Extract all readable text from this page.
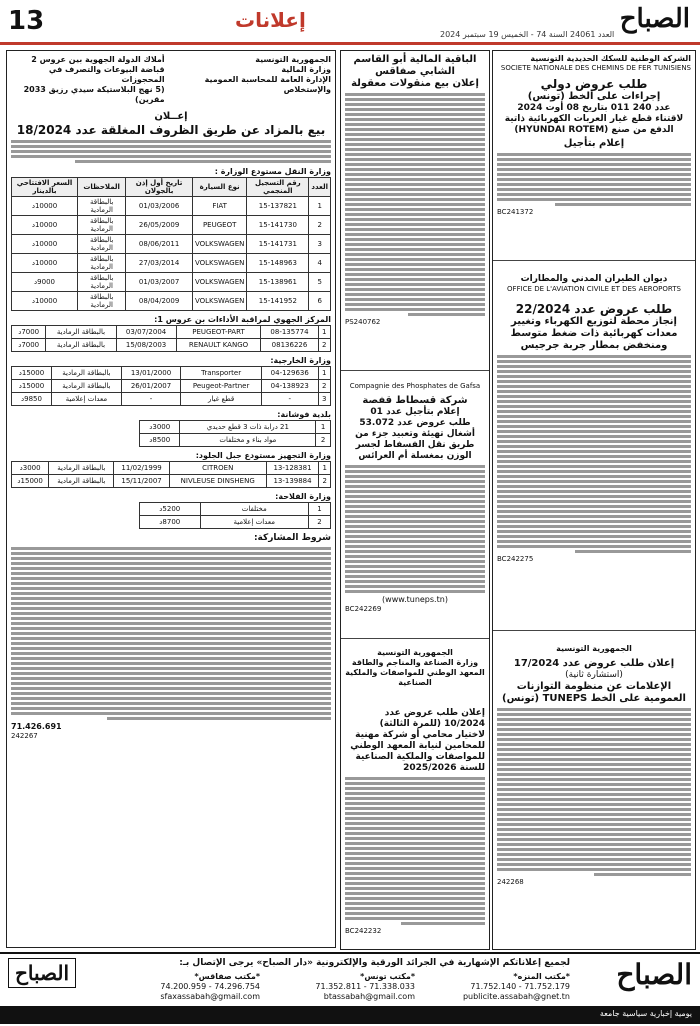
13	إعلانات	الصباح
العدد 24061 السنة 74 - الخميس 19 سبتمبر 2024
الشركة الوطنية للسكك الحديدية التونسية
SOCIETE NATIONALE DES CHEMINS DE FER TUNISIENS
طلب عروض دولي
إجراءات على الخط (تونس)
عدد 240 011 بتاريخ 08 أوت 2024
لاقتناء قطع غيار العربات الكهربائية ذاتية الدفع من صنع (HYUNDAI ROTEM)
إعلام بتأجيل
BC241372
ديوان الطيران المدني والمطارات
OFFICE DE L'AVIATION CIVILE ET DES AEROPORTS
طلب عروض عدد 22/2024
إنجاز محطة لتوزيع الكهرباء وتغيير معدات كهربائية ذات ضغط متوسط ومنخفض بمطار جربة جرجيس
BC242275
الجمهورية التونسية
إعلان طلب عروض عدد 17/2024
(استشارة ثانية)
الإعلامات عن منظومة التوازنات العمومية على الخط TUNEPS (تونس)
242268
الباقية المالية أبو القاسم الشابي صفاقس
إعلان بيع منقولات معقولة
PS240762
Compagnie des Phosphates de Gafsa
شركة قسطاط قفصة
إعلام بتأجيل عدد 01
طلب عروض عدد 53.072
أشغال تهيئة وتعبيد جزء من طريق نقل الفسفاط لجسر الوزن بمغسلة أم العرائس
(www.tuneps.tn)
BC242269
الجمهورية التونسية
وزارة الصناعة والمناجم والطاقة
المعهد الوطني للمواصفات والملكية الصناعية
إعلان طلب عروض عدد 10/2024 (للمرة الثالثة)
لاختيار محامي أو شركة مهنية للمحامين لنيابة المعهد الوطني للمواصفات والملكية الصناعية للسنة 2025/2026
BC242232
الجمهورية التونسية
وزارة المالية
الإدارة العامة للمحاسبة العمومية والإستخلاص
أملاك الدولة الجهوية بين عروس 2
قباضة البيوعات والتصرف في المحجوزات
(5 نهج البلاستيكة سيدي رزيق 2033 مقرين)
إعــلان
بيع بالمزاد عن طريق الظروف المغلقة عدد 18/2024
وزارة النقل مستودع الوزارة :
العدد	رقم التسجيل المنجمي	نوع السيارة	تاريخ أول إذن بالجولان	الملاحظات	السعر الافتتاحي بالدينار
1	15-137821	FIAT	01/03/2006	بالبطاقة الرمادية	10000د
2	15-141730	PEUGEOT	26/05/2009	بالبطاقة الرمادية	10000د
3	15-141731	VOLKSWAGEN	08/06/2011	بالبطاقة الرمادية	10000د
4	15-148963	VOLKSWAGEN	27/03/2014	بالبطاقة الرمادية	10000د
5	15-138961	VOLKSWAGEN	01/03/2007	بالبطاقة الرمادية	9000د
6	15-141952	VOLKSWAGEN	08/04/2009	بالبطاقة الرمادية	10000د
المركز الجهوي لمراقبة الأداءات بن عروس 1:
1	08-135774	PEUGEOT-PART	03/07/2004	بالبطاقة الرمادية	7000د
2	08136226	RENAULT KANGO	15/08/2003	بالبطاقة الرمادية	7000د
وزارة الخارجية:
1	04-129636	Transporter	13/01/2000	بالبطاقة الرمادية	15000د
2	04-138923	Peugeot-Partner	26/01/2007	بالبطاقة الرمادية	15000د
3	-	قطع غيار	-	معدات إعلامية	9850د
بلدية فوشانة:
1	21 درابة ذات 3 قطع حديدي	3000د
2	مواد بناء و مختلفات	8500د
وزارة التجهيز مستودع جبل الجلود:
1	13-128381	CITROEN	11/02/1999	بالبطاقة الرمادية	3000د
2	13-139884	NIVLEUSE DINSHENG	15/11/2007	بالبطاقة الرمادية	15000د
وزارة الفلاحة:
1	مختلفات	5200د
2	معدات إعلامية	8700د
شروط المشاركة:
71.426.691
242267
الصباح
لجميع إعلاناتكم الإشهارية في الجرائد الورقية والإلكترونية «دار الصباح» يرجى الإتصال بـ:
*مكتب المنزه*
71.752.179 - 71.752.140
publicite.assabah@gnet.tn
*مكتب تونس*
71.338.033 - 71.352.811
btassabah@gmail.com
*مكتب صفاقس*
74.296.754 - 74.200.959
sfaxassabah@gmail.com
الصباح
يومية إخبارية سياسية جامعة
